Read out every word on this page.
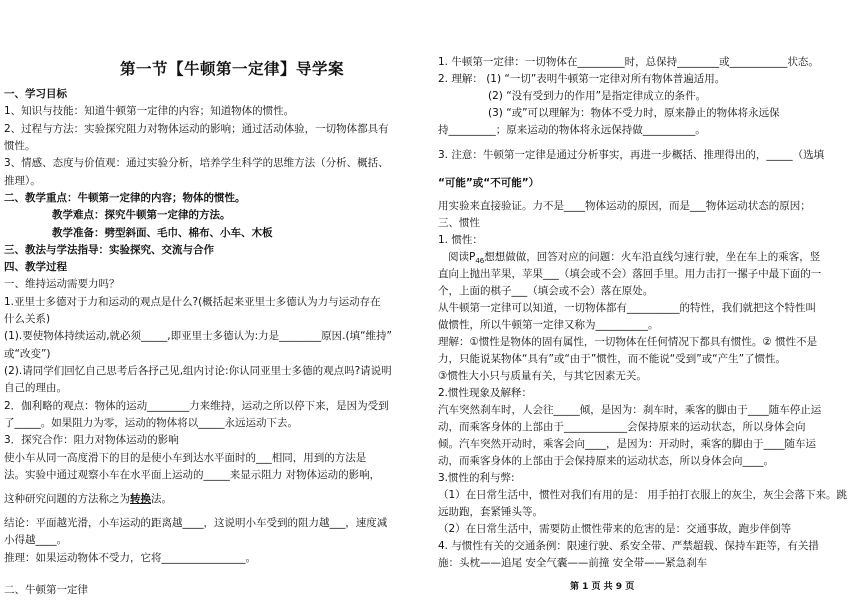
第一节【牛顿第一定律】导学案
一、学习目标
1、知识与技能：知道牛顿第一定律的内容；知道物体的惯性。
2、过程与方法：实验探究阻力对物体运动的影响；通过活动体验，一切物体都具有
惯性。
3、情感、态度与价值观：通过实验分析，培养学生科学的思维方法（分析、概括、
推理）。
二、教学重点：牛顿第一定律的内容；物体的惯性。
教学难点：探究牛顿第一定律的方法。
教学准备：劈型斜面、毛巾、棉布、小车、木板
三、教法与学法指导：实验探究、交流与合作
四、教学过程
一、维持运动需要力吗？
1.亚里士多德对于力和运动的观点是什么?(概括起来亚里士多德认为力与运动存在
什么关系)
(1).要使物体持续运动,就必须_____,即亚里士多德认为:力是________原因.(填“维持”
或“改变”)
(2).请同学们回忆自己思考后各抒己见,组内讨论:你认同亚里士多德的观点吗?请说明
自己的理由。
2．伽利略的观点：物体的运动________力来维持，运动之所以停下来，是因为受到
了_____。如果阻力为零，运动的物体将以_____永远运动下去。
3．探究合作：阻力对物体运动的影响
使小车从同一高度滑下的目的是使小车到达水平面时的___相同，用到的方法是
法。实验中通过观察小车在水平面上运动的_____来显示阻力 对物体运动的影响，
这种研究问题的方法称之为转换法。
结论：平面越光滑，小车运动的距离越____，这说明小车受到的阻力越___，速度减
小得越____。
推理：如果运动物体不受力，它将________________。
二、牛顿第一定律
1. 牛顿第一定律：一切物体在_________时，总保持________或___________状态。
2. 理解： (1) “一切”表明牛顿第一定律对所有物体普遍适用。
(2) “没有受到力的作用”是指定律成立的条件。
(3) “或”可以理解为：物体不受力时，原来静止的物体将永远保
持_________；原来运动的物体将永远保持做__________。
3. 注意：牛顿第一定律是通过分析事实，再进一步概括、推理得出的，_____（选填
“可能”或“不可能”）
用实验来直接验证。力不是____物体运动的原因，而是___物体运动状态的原因；
三、惯性
1. 惯性：
阅读$P_{46}$想想做做，回答对应的问题：火车沿直线匀速行驶，坐在车上的乘客，竖
直向上抛出苹果，苹果___（填会或不会）落回手里。用力击打一摞子中最下面的一
个，上面的棋子___（填会或不会）落在原处。
从牛顿第一定律可以知道，一切物体都有__________的特性，我们就把这个特性叫
做惯性，所以牛顿第一定律又称为__________。
理解：①惯性是物体的固有属性，一切物体在任何情况下都具有惯性。② 惯性不是
力，只能说某物体“具有”或“由于”惯性，而不能说“受到”或“产生”了惯性。
③惯性大小只与质量有关，与其它因素无关。
2.惯性现象及解释：
汽车突然刹车时，人会往_____倾，是因为：刹车时，乘客的脚由于____随车停止运
动，而乘客身体的上部由于____________会保持原来的运动状态，所以身体会向
倾。汽车突然开动时，乘客会向____，是因为：开动时，乘客的脚由于____随车运
动，而乘客身体的上部由于会保持原来的运动状态，所以身体会向____。
3.惯性的利与弊:
（1）在日常生活中，惯性对我们有用的是： 用手拍打衣服上的灰尘，灰尘会落下来。跳
远助跑，套紧锤头等。
（2）在日常生活中，需要防止惯性带来的危害的是：交通事故，跑步伴倒等
4. 与惯性有关的交通条例：限速行驶、系安全带、严禁超载、保持车距等，有关措
施：头枕——追尾 安全气囊——前撞 安全带——紧急刹车
第 1 页 共 9 页
